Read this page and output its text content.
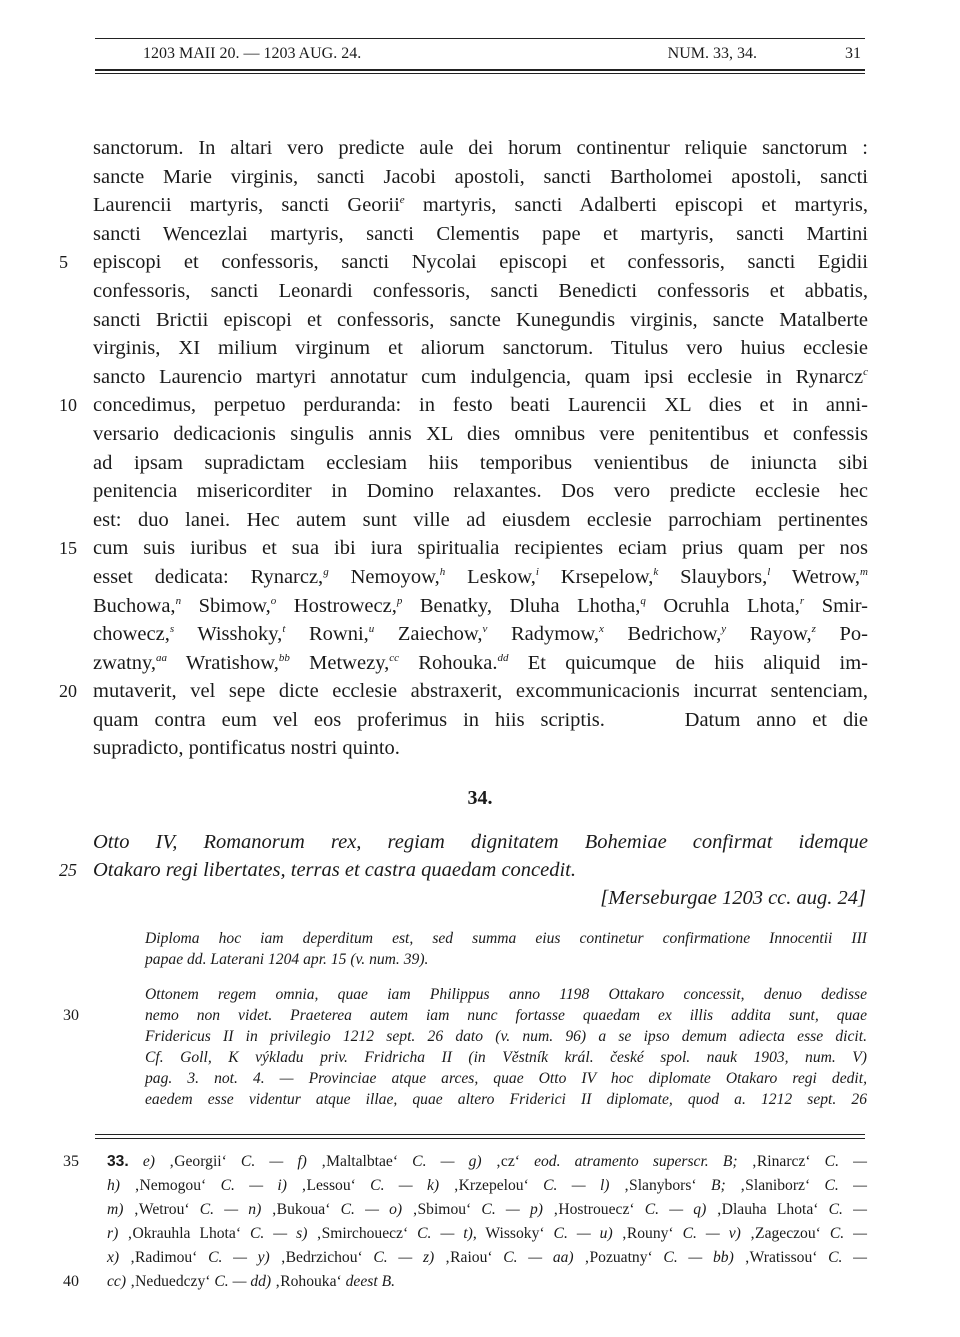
1203 MAII 20. — 1203 AUG. 24.	NUM. 33, 34.	31
sanctorum. In altari vero predicte aule dei horum continentur reliquie sanctorum :
sancte Marie virginis, sancti Jacobi apostoli, sancti Bartholomei apostoli, sancti
Laurencii martyris, sancti Georii$^e$ martyris, sancti Adalberti episcopi et martyris,
sancti Wencezlai martyris, sancti Clementis pape et martyris, sancti Martini
5	episcopi et confessoris, sancti Nycolai episcopi et confessoris, sancti Egidii
confessoris, sancti Leonardi confessoris, sancti Benedicti confessoris et abbatis,
sancti Brictii episcopi et confessoris, sancte Kunegundis virginis, sancte Matalberte
virginis, XI milium virginum et aliorum sanctorum. Titulus vero huius ecclesie
sancto Laurencio martyri annotatur cum indulgencia, quam ipsi ecclesie in Rynarcz$^c$
10 concedimus, perpetuo perduranda: in festo beati Laurencii XL dies et in anni-
versario dedicacionis singulis annis XL dies omnibus vere penitentibus et confessis
ad ipsam supradictam ecclesiam hiis temporibus venientibus de iniuncta sibi
penitencia misericorditer in Domino relaxantes. Dos vero predicte ecclesie hec
est: duo lanei. Hec autem sunt ville ad eiusdem ecclesie parrochiam pertinentes
15 cum suis iuribus et sua ibi iura spiritualia recipientes eciam prius quam per nos
esset dedicata: Rynarcz,$^g$ Nemoyow,$^h$ Leskow,$^i$ Krsepelow,$^k$ Slauybors,$^l$ Wetrow,$^m$
Buchowa,$^n$ Sbimow,$^o$ Hostrowecz,$^p$ Benatky, Dluha Lhotha,$^q$ Ocruhla Lhota,$^r$ Smir-
chowecz,$^s$ Wisshoky,$^t$ Rowni,$^u$ Zaiechow,$^v$ Radymow,$^x$ Bedrichow,$^y$ Rayow,$^z$ Po-
zwatny,$^{aa}$ Wratishow,$^{bb}$ Metwezy,$^{cc}$ Rohouka.$^{dd}$ Et quicumque de hiis aliquid im-
20 mutaverit, vel sepe dicte ecclesie abstraxerit, excommunicacionis incurrat sentenciam,
quam contra eum vel eos proferimus in hiis scriptis.     Datum anno et die
supradicto, pontificatus nostri quinto.
34.
Otto IV, Romanorum rex, regiam dignitatem Bohemiae confirmat idemque
25 Otakaro regi libertates, terras et castra quaedam concedit.
[Merseburgae 1203 cc. aug. 24]
Diploma hoc iam deperditum est, sed summa eius continetur confirmatione Innocentii III
papae dd. Laterani 1204 apr. 15 (v. num. 39).
Ottonem regem omnia, quae iam Philippus anno 1198 Ottakaro concessit, denuo dedisse
30	nemo non videt. Praeterea autem iam nunc fortasse quaedam ex illis addita sunt, quae
Fridericus II in privilegio 1212 sept. 26 dato (v. num. 96) a se ipso demum adiecta esse dicit.
Cf. Goll, K výkladu priv. Fridricha II (in Věstník král. české spol. nauk 1903, num. V)
pag. 3. not. 4. — Provinciae atque arces, quae Otto IV hoc diplomate Otakaro regi dedit,
eaedem esse videntur atque illae, quae altero Friderici II diplomate, quod a. 1212 sept. 26
35	33. e) ‚Georgii‘ C. — f) ‚Maltalbtae‘ C. — g) ‚cz‘ eod. atramento superscr. B; ‚Rinarcz‘ C. —
h) ‚Nemogou‘ C. — i) ‚Lessou‘ C. — k) ‚Krzepelou‘ C. — l) ‚Slanybors‘ B; ‚Slaniborz‘ C. —
m) ‚Wetrou‘ C. — n) ‚Bukoua‘ C. — o) ‚Sbimou‘ C. — p) ‚Hostrouecz‘ C. — q) ‚Dlauha Lhota‘ C. —
r) ‚Okrauhla Lhota‘ C. — s) ‚Smirchouecz‘ C. — t), Wissoky‘ C. — u) ‚Rouny‘ C. — v) ‚Zageczou‘ C. —
x) ‚Radimou‘ C. — y) ‚Bedrzichou‘ C. — z) ‚Raiou‘ C. — aa) ‚Pozuatny‘ C. — bb) ‚Wratissou‘ C. —
40	cc) ‚Neduedczy‘ C. — dd) ‚Rohouka‘ deest B.
